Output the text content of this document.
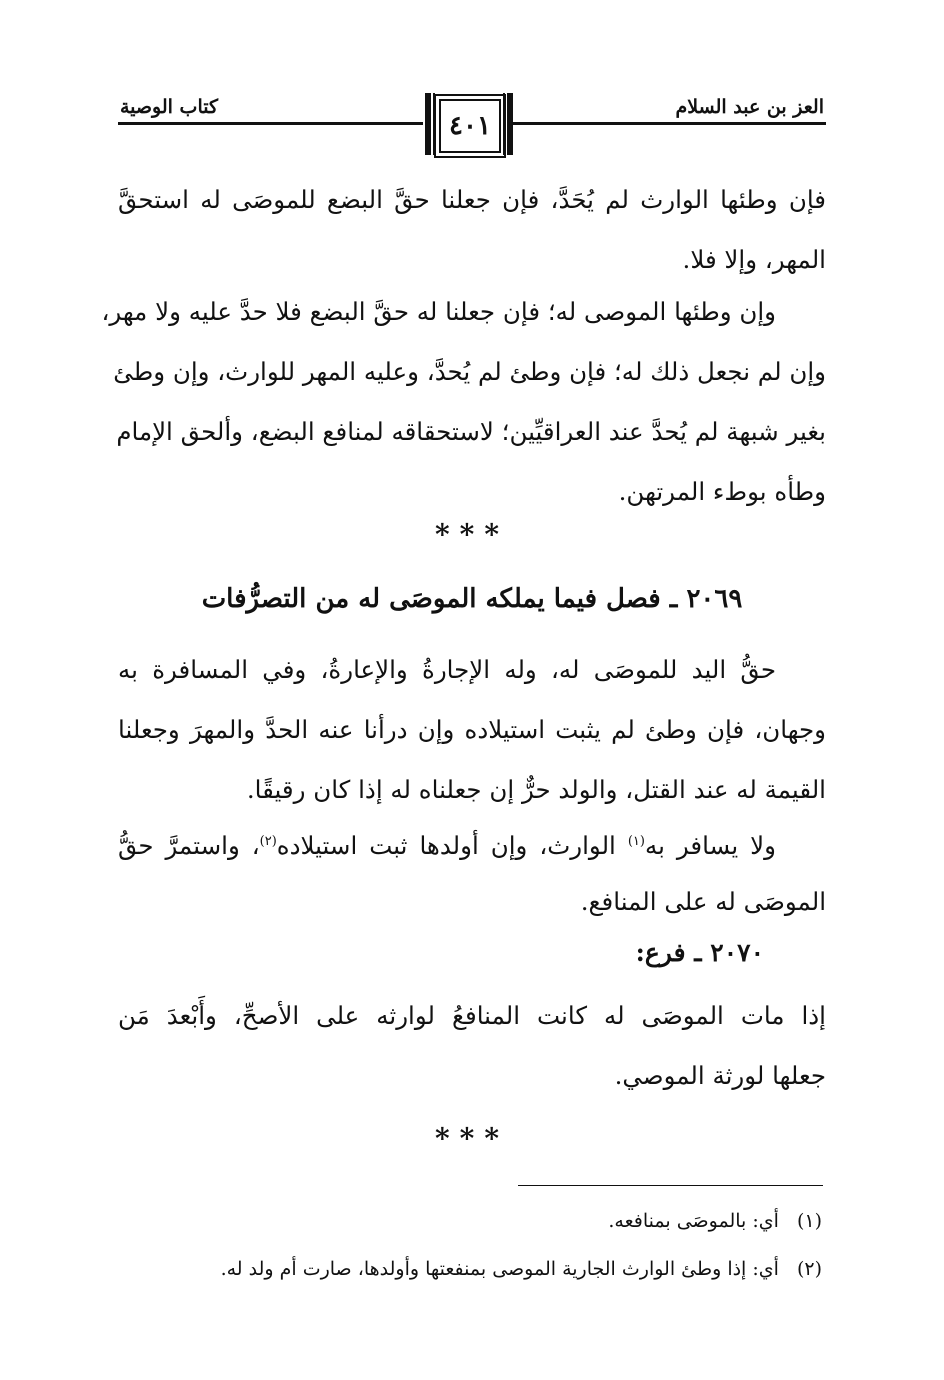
العز بن عبد السلام
كتاب الوصية
٤٠١
فإن وطئها الوارث لم يُحَدَّ، فإن جعلنا حقَّ البضع للموصَى له استحقَّ
المهر، وإلا فلا.
وإن وطئها الموصى له؛ فإن جعلنا له حقَّ البضع فلا حدَّ عليه ولا مهر،
وإن لم نجعل ذلك له؛ فإن وطئ لم يُحدَّ، وعليه المهر للوارث، وإن وطئ
بغير شبهة لم يُحدَّ عند العراقيِّين؛ لاستحقاقه لمنافع البضع، وألحق الإمام
وطأه بوطء المرتهن.
***
٢٠٦٩ ـ فصل فيما يملكه الموصَى له من التصرُّفات
حقُّ اليد للموصَى له، وله الإجارةُ والإعارةُ، وفي المسافرة به
وجهان، فإن وطئ لم يثبت استيلاده وإن درأنا عنه الحدَّ والمهرَ وجعلنا
القيمة له عند القتل، والولد حرٌّ إن جعلناه له إذا كان رقيقًا.
ولا يسافر به$^{(١)}$ الوارث، وإن أولدها ثبت استيلاده$^{(٢)}$، واستمرَّ حقُّ
الموصَى له على المنافع.
٢٠٧٠ ـ فرع:
إذا مات الموصَى له كانت المنافعُ لوارثه على الأصحِّ، وأَبْعدَ مَن
جعلها لورثة الموصي.
***
(١)أي: بالموصَى بمنافعه.
(٢)أي: إذا وطئ الوارث الجارية الموصى بمنفعتها وأولدها، صارت أم ولد له.
